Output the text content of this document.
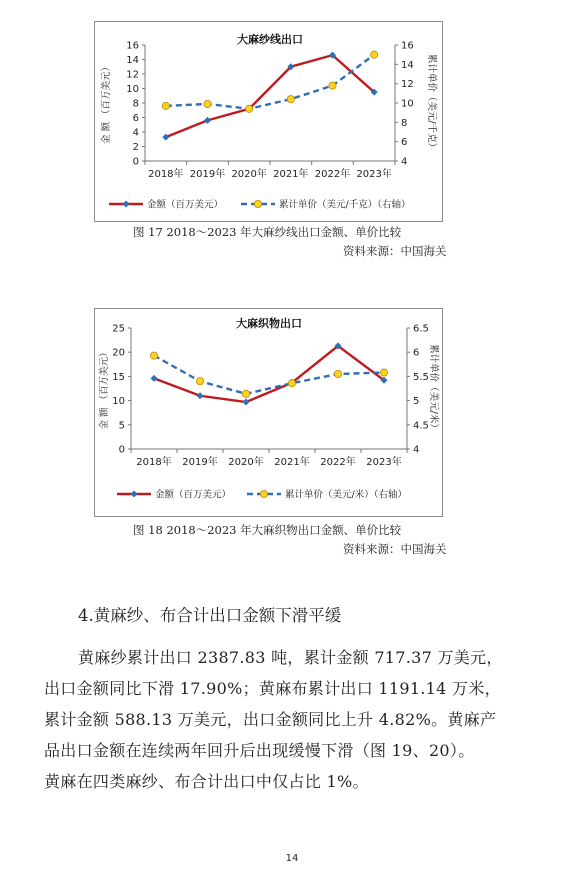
大麻纱线出口
0
2
4
6
8
10
12
14
16
4
6
8
10
12
14
16
2018年 2019年 2020年 2021年 2022年 2023年
金 额 （百万美元）	累计单价（美元/千克）
金额（百万美元）	累计单价（美元/千克）（右轴）
图 17 2018～2023 年大麻纱线出口金额、单价比较
资料来源：中国海关
大麻织物出口
0
5
10
15
20
25
4
4.5
5
5.5
6
6.5
2018年 2019年 2020年 2021年 2022年 2023年
金 额 （百万美元）	累计单价（美元/米）
金额（百万美元）	累计单价（美元/米）（右轴）
图 18 2018～2023 年大麻织物出口金额、单价比较
资料来源：中国海关
4.黄麻纱、布合计出口金额下滑平缓
黄麻纱累计出口 2387.83 吨，累计金额 717.37 万美元，
出口金额同比下滑 17.90%；黄麻布累计出口 1191.14 万米，
累计金额 588.13 万美元，出口金额同比上升 4.82%。黄麻产
品出口金额在连续两年回升后出现缓慢下滑（图 19、20）。
黄麻在四类麻纱、布合计出口中仅占比 1%。
14
